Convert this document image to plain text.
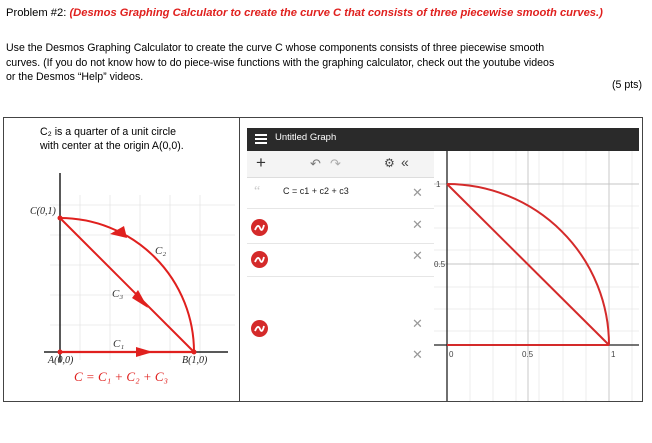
Problem #2: (Desmos Graphing Calculator to create the curve C that consists of three piecewise smooth curves.)

Use the Desmos Graphing Calculator to create the curve C whose components consists of three piecewise smooth

curves. (If you do not know how to do piece-wise functions with the graphing calculator, check out the youtube videos

or the Desmos “Help” videos.

(5 pts)
C₂ is a quarter of a unit circle
with center at the origin A(0,0).
C(0,1)
A(0,0)	B(1,0)
C₁
C₂
C₃
C = C₁ + C₂ + C₃
Untitled Graph
+	↶ ↷	⚙ «
“	C = c1 + c2 + c3	✕
✕
✕
✕
✕
1
0.5
0	0.5	1
